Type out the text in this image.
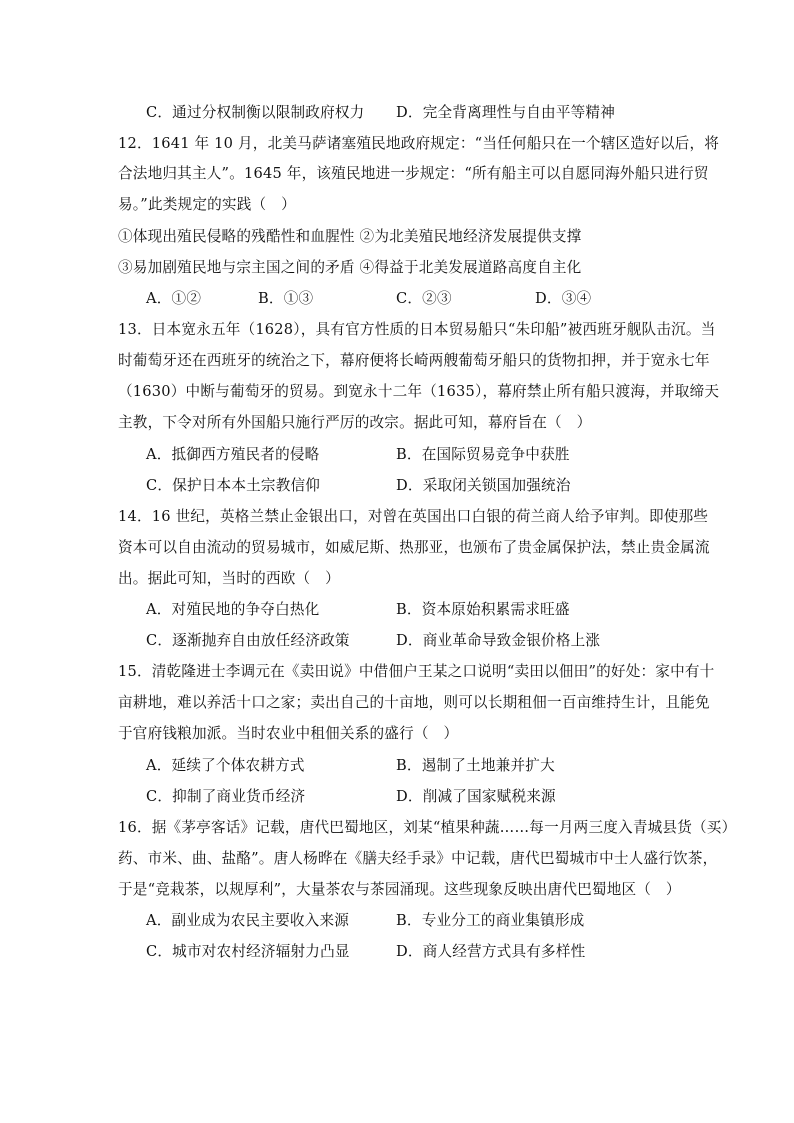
C．通过分权制衡以限制政府权力 D．完全背离理性与自由平等精神
12．1641 年 10 月，北美马萨诸塞殖民地政府规定：“当任何船只在一个辖区造好以后，将
合法地归其主人”。1645 年，该殖民地进一步规定：“所有船主可以自愿同海外船只进行贸
易。”此类规定的实践（　）
①体现出殖民侵略的残酷性和血腥性 ②为北美殖民地经济发展提供支撑
③易加剧殖民地与宗主国之间的矛盾 ④得益于北美发展道路高度自主化
A．①②	B．①③	C．②③	D．③④
13．日本宽永五年（1628），具有官方性质的日本贸易船只“朱印船”被西班牙舰队击沉。当
时葡萄牙还在西班牙的统治之下，幕府便将长崎两艘葡萄牙船只的货物扣押，并于宽永七年
（1630）中断与葡萄牙的贸易。到宽永十二年（1635），幕府禁止所有船只渡海，并取缔天
主教，下令对所有外国船只施行严厉的改宗。据此可知，幕府旨在（　）
A．抵御西方殖民者的侵略	B．在国际贸易竞争中获胜
C．保护日本本土宗教信仰	D．采取闭关锁国加强统治
14．16 世纪，英格兰禁止金银出口，对曾在英国出口白银的荷兰商人给予审判。即使那些
资本可以自由流动的贸易城市，如威尼斯、热那亚，也颁布了贵金属保护法，禁止贵金属流
出。据此可知，当时的西欧（　）
A．对殖民地的争夺白热化	B．资本原始积累需求旺盛
C．逐渐抛弃自由放任经济政策	D．商业革命导致金银价格上涨
15．清乾隆进士李调元在《卖田说》中借佃户王某之口说明“卖田以佃田”的好处：家中有十
亩耕地，难以养活十口之家；卖出自己的十亩地，则可以长期租佃一百亩维持生计，且能免
于官府钱粮加派。当时农业中租佃关系的盛行（　）
A．延续了个体农耕方式	B．遏制了土地兼并扩大
C．抑制了商业货币经济	D．削减了国家赋税来源
16．据《茅亭客话》记载，唐代巴蜀地区，刘某“植果种蔬……每一月两三度入青城县货（买）
药、市米、曲、盐酪”。唐人杨晔在《膳夫经手录》中记载，唐代巴蜀城市中士人盛行饮茶，
于是“竞栽茶，以规厚利”，大量茶农与茶园涌现。这些现象反映出唐代巴蜀地区（　）
A．副业成为农民主要收入来源	B．专业分工的商业集镇形成
C．城市对农村经济辐射力凸显	D．商人经营方式具有多样性
